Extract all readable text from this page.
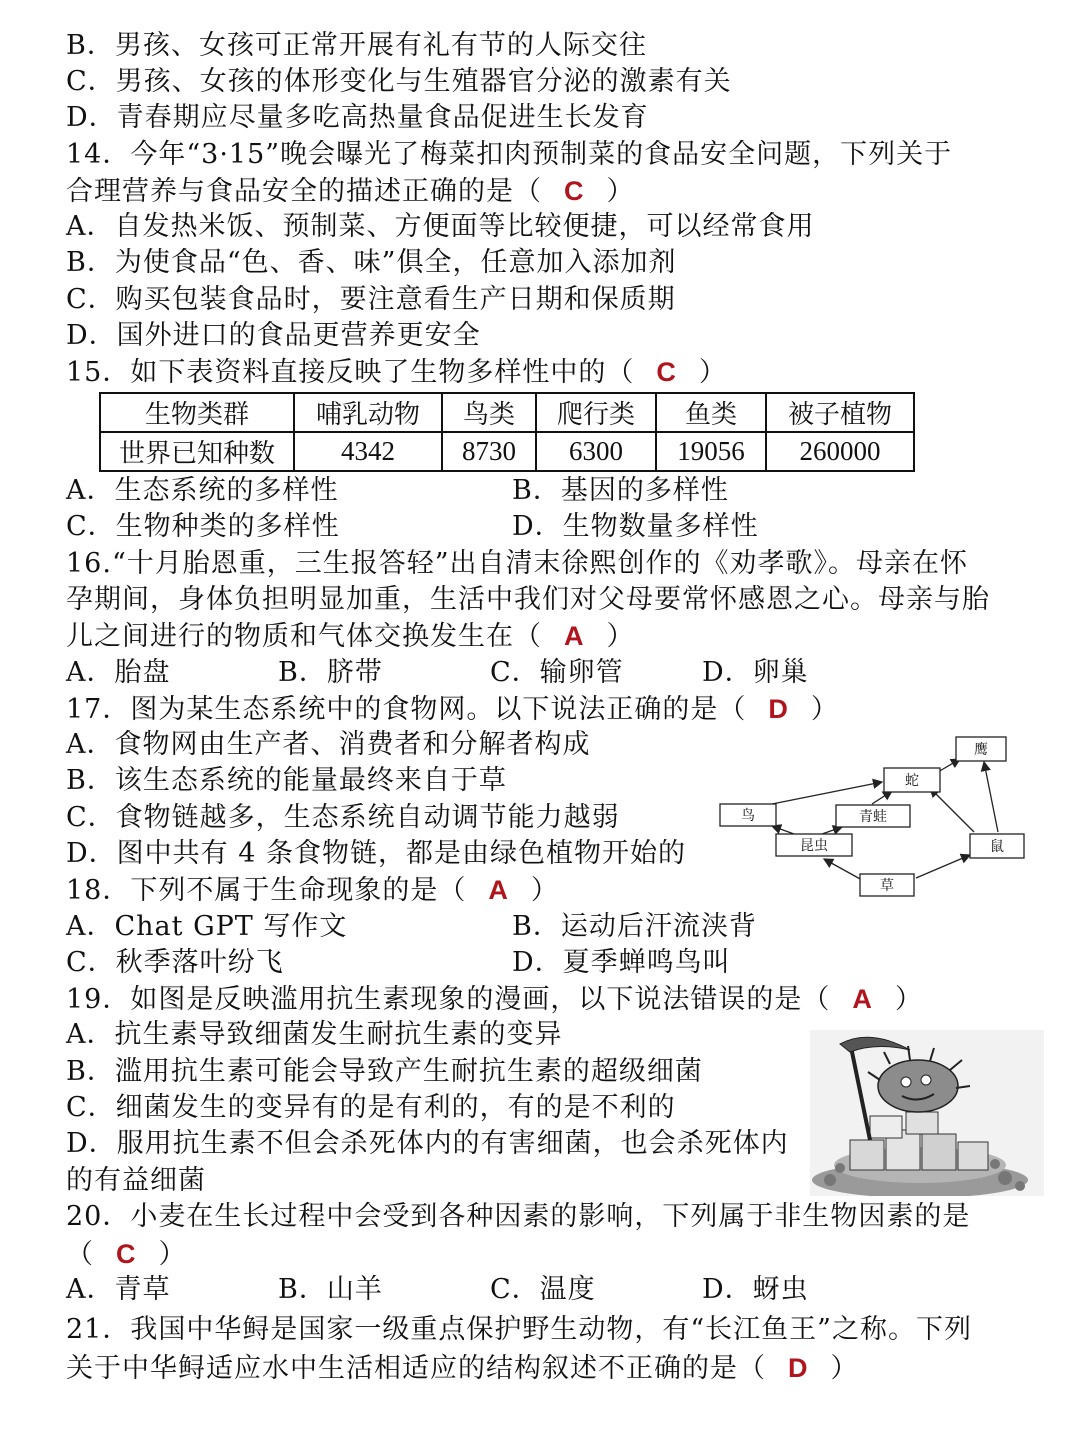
B．男孩、女孩可正常开展有礼有节的人际交往
C．男孩、女孩的体形变化与生殖器官分泌的激素有关
D．青春期应尽量多吃高热量食品促进生长发育
14．今年“3·15”晚会曝光了梅菜扣肉预制菜的食品安全问题，下列关于
合理营养与食品安全的描述正确的是（ C ）
A．自发热米饭、预制菜、方便面等比较便捷，可以经常食用
B．为使食品“色、香、味”俱全，任意加入添加剂
C．购买包装食品时，要注意看生产日期和保质期
D．国外进口的食品更营养更安全
15．如下表资料直接反映了生物多样性中的（ C ）
生物类群	哺乳动物	鸟类	爬行类	鱼类	被子植物
世界已知种数	4342	8730	6300	19056	260000
A．生态系统的多样性	B．基因的多样性
C．生物种类的多样性	D．生物数量多样性
16.“十月胎恩重，三生报答轻”出自清末徐熙创作的《劝孝歌》。母亲在怀
孕期间，身体负担明显加重，生活中我们对父母要常怀感恩之心。母亲与胎
儿之间进行的物质和气体交换发生在（ A ）
A．胎盘	B．脐带	C．输卵管	D．卵巢
17．图为某生态系统中的食物网。以下说法正确的是（ D ）
A．食物网由生产者、消费者和分解者构成
B．该生态系统的能量最终来自于草
C．食物链越多，生态系统自动调节能力越弱
D．图中共有 4 条食物链，都是由绿色植物开始的
鹰
蛇
鸟	青蛙
昆虫	鼠
草
18．下列不属于生命现象的是（ A ）
A．Chat GPT 写作文	B．运动后汗流浃背
C．秋季落叶纷飞	D．夏季蝉鸣鸟叫
19．如图是反映滥用抗生素现象的漫画，以下说法错误的是（ A ）
A．抗生素导致细菌发生耐抗生素的变异
B．滥用抗生素可能会导致产生耐抗生素的超级细菌
C．细菌发生的变异有的是有利的，有的是不利的
D．服用抗生素不但会杀死体内的有害细菌，也会杀死体内
的有益细菌
20．小麦在生长过程中会受到各种因素的影响，下列属于非生物因素的是
（ C ）
A．青草	B．山羊	C．温度	D．蚜虫
21．我国中华鲟是国家一级重点保护野生动物，有“长江鱼王”之称。下列
关于中华鲟适应水中生活相适应的结构叙述不正确的是（ D ）
